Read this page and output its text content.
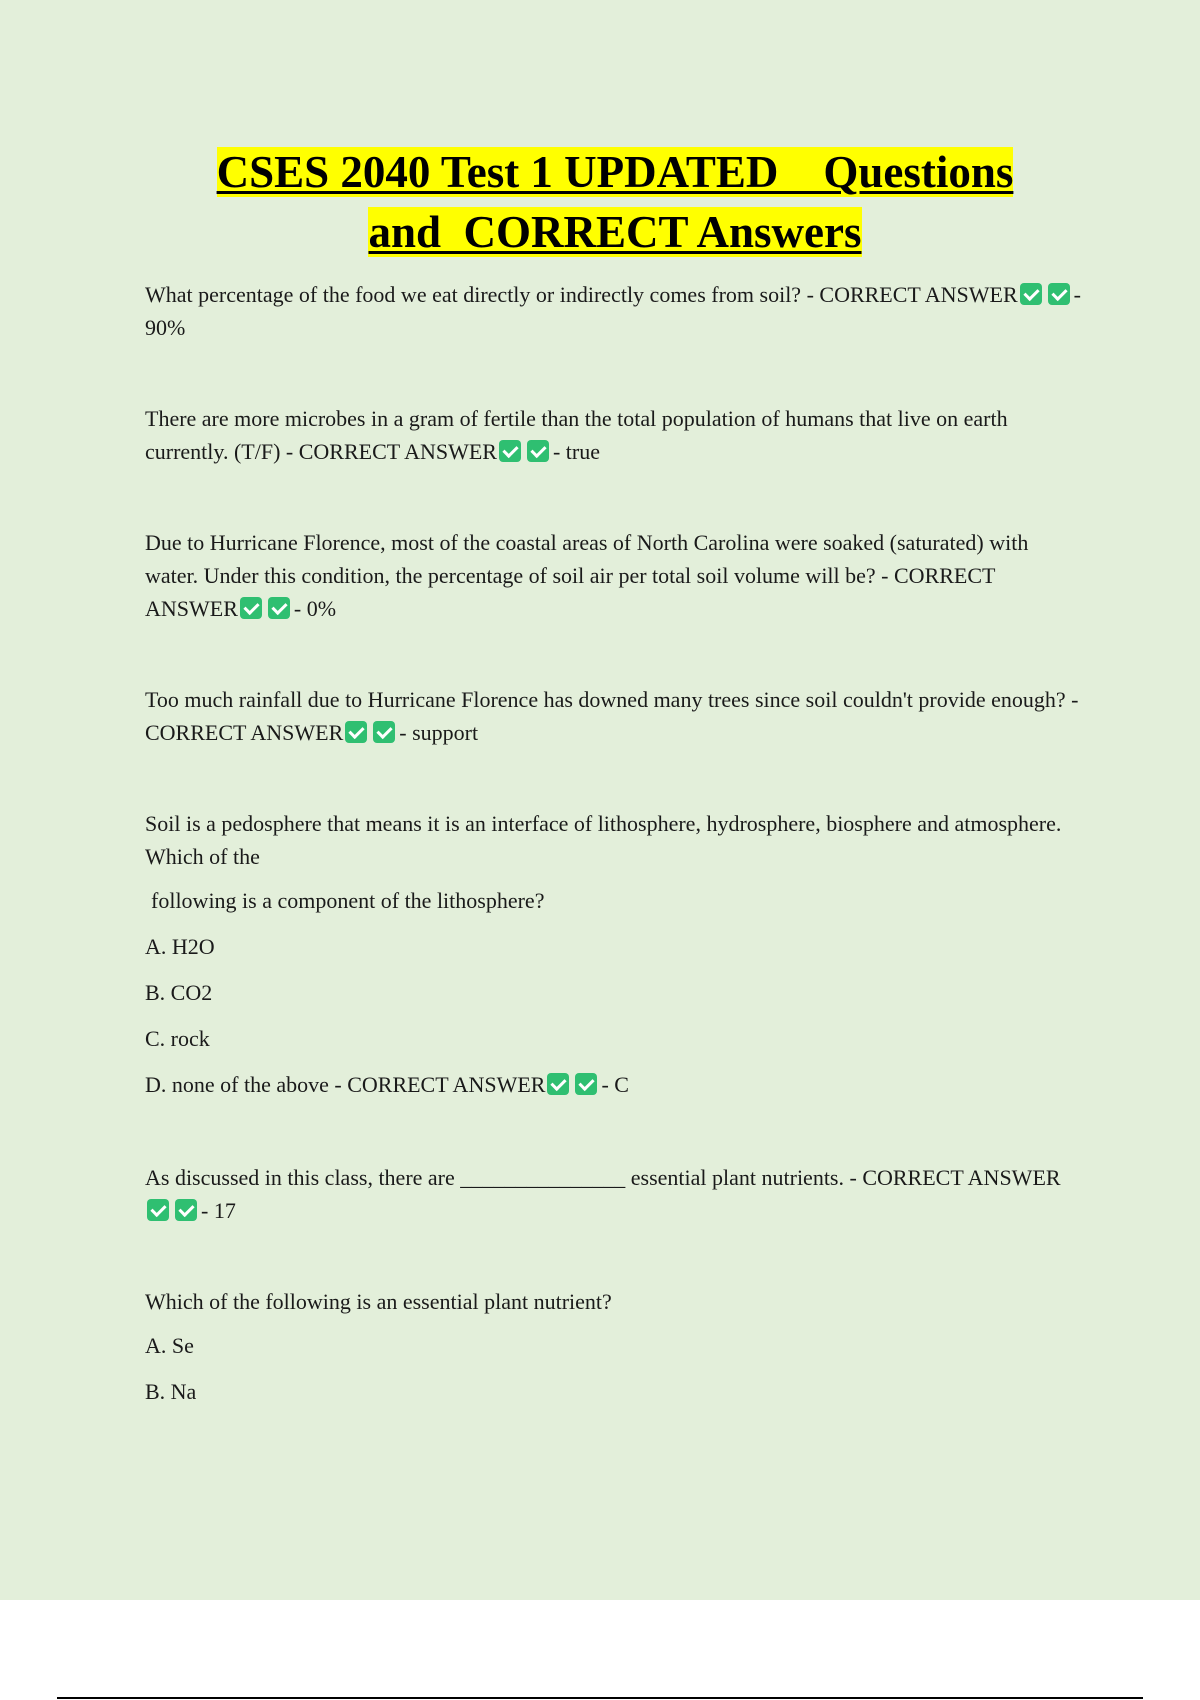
CSES 2040 Test 1 UPDATED    Questions
and  CORRECT Answers

What percentage of the food we eat directly or indirectly comes from soil? - CORRECT ANSWER	- 90%

There are more microbes in a gram of fertile than the total population of humans that live on earth currently. (T/F) - CORRECT ANSWER	- true

Due to Hurricane Florence, most of the coastal areas of North Carolina were soaked (saturated) with water. Under this condition, the percentage of soil air per total soil volume will be? - CORRECT ANSWER	- 0%

Too much rainfall due to Hurricane Florence has downed many trees since soil couldn't provide enough? - CORRECT ANSWER	- support

Soil is a pedosphere that means it is an interface of lithosphere, hydrosphere, biosphere and atmosphere. Which of the

following is a component of the lithosphere?

A. H2O

B. CO2

C. rock

D. none of the above - CORRECT ANSWER	- C

As discussed in this class, there are _______________ essential plant nutrients. - CORRECT ANSWER- 17

Which of the following is an essential plant nutrient?

A. Se

B. Na
